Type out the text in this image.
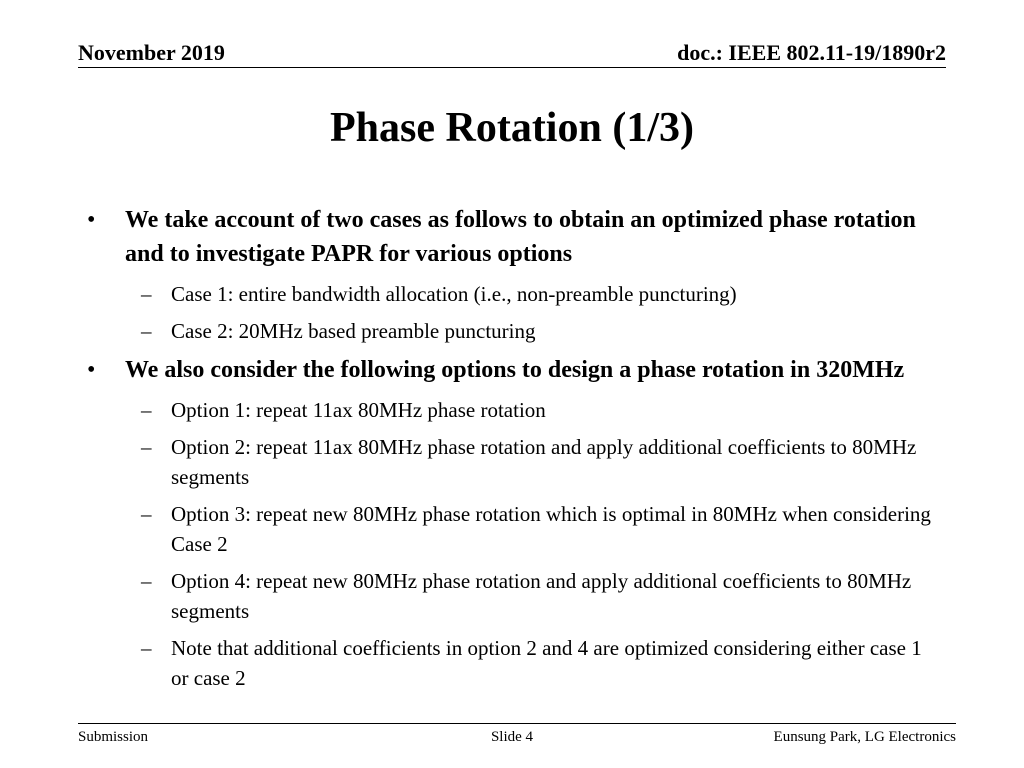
November 2019	doc.: IEEE 802.11-19/1890r2
Phase Rotation (1/3)
• We take account of two cases as follows to obtain an optimized phase rotation and to investigate PAPR for various options
– Case 1: entire bandwidth allocation (i.e., non-preamble puncturing)
– Case 2: 20MHz based preamble puncturing
• We also consider the following options to design a phase rotation in 320MHz
– Option 1: repeat 11ax 80MHz phase rotation
– Option 2: repeat 11ax 80MHz phase rotation and apply additional coefficients to 80MHz segments
– Option 3: repeat new 80MHz phase rotation which is optimal in 80MHz when considering Case 2
– Option 4: repeat new 80MHz phase rotation and apply additional coefficients to 80MHz segments
– Note that additional coefficients in option 2 and 4 are optimized considering either case 1 or case 2
Submission	Slide 4	Eunsung Park, LG Electronics
